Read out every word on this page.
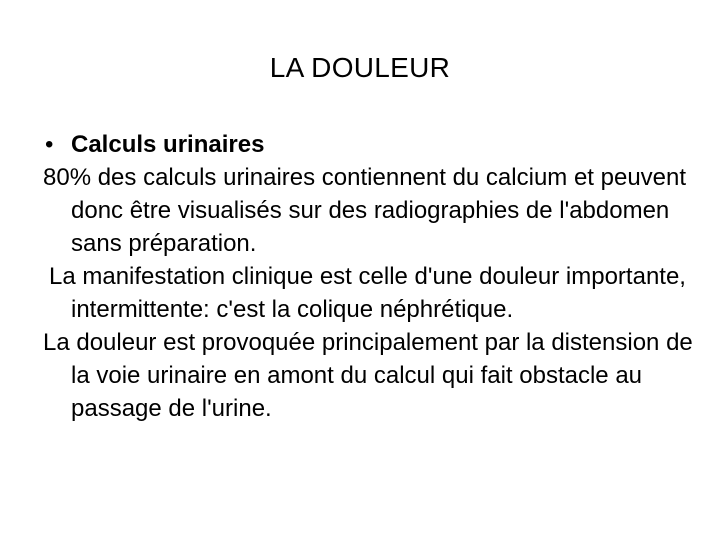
LA DOULEUR
• Calculs urinaires

80% des calculs urinaires contiennent du calcium et peuvent donc être visualisés sur des radiographies de l'abdomen sans préparation.

La manifestation clinique est celle d'une douleur importante, intermittente: c'est la colique néphrétique.

La douleur est provoquée principalement par la distension de la voie urinaire en amont du calcul qui fait obstacle au passage de l'urine.
